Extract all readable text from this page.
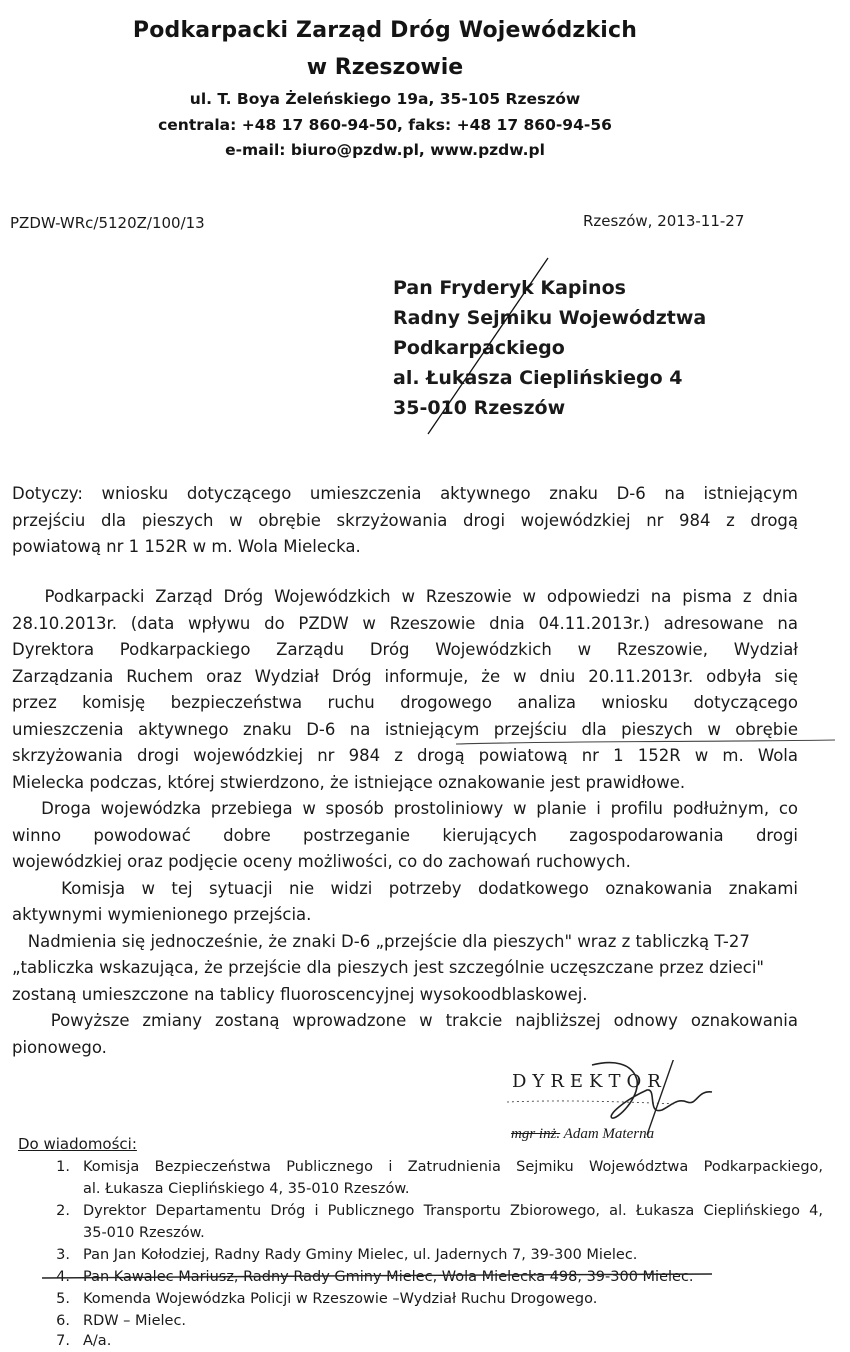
Podkarpacki Zarząd Dróg Wojewódzkich
w Rzeszowie
ul. T. Boya Żeleńskiego 19a, 35-105 Rzeszów
centrala: +48 17 860-94-50, faks: +48 17 860-94-56
e-mail: biuro@pzdw.pl, www.pzdw.pl
PZDW-WRc/5120Z/100/13	Rzeszów, 2013-11-27
Pan Fryderyk Kapinos
Radny Sejmiku Województwa
Podkarpackiego
al. Łukasza Cieplińskiego 4
35-010 Rzeszów
Dotyczy: wniosku dotyczącego umieszczenia aktywnego znaku D-6 na istniejącym
przejściu dla pieszych w obrębie skrzyżowania drogi wojewódzkiej nr 984 z drogą
powiatową nr 1 152R w m. Wola Mielecka.
Podkarpacki Zarząd Dróg Wojewódzkich w Rzeszowie w odpowiedzi na pisma z dnia
28.10.2013r. (data wpływu do PZDW w Rzeszowie dnia 04.11.2013r.) adresowane na
Dyrektora Podkarpackiego Zarządu Dróg Wojewódzkich w Rzeszowie, Wydział
Zarządzania Ruchem oraz Wydział Dróg informuje, że w dniu 20.11.2013r. odbyła się
przez komisję bezpieczeństwa ruchu drogowego analiza wniosku dotyczącego
umieszczenia aktywnego znaku D-6 na istniejącym przejściu dla pieszych w obrębie
skrzyżowania drogi wojewódzkiej nr 984 z drogą powiatową nr 1 152R w m. Wola
Mielecka podczas, której stwierdzono, że istniejące oznakowanie jest prawidłowe.
Droga wojewódzka przebiega w sposób prostoliniowy w planie i profilu podłużnym, co
winno powodować dobre postrzeganie kierujących zagospodarowania drogi
wojewódzkiej oraz podjęcie oceny możliwości, co do zachowań ruchowych.
Komisja w tej sytuacji nie widzi potrzeby dodatkowego oznakowania znakami
aktywnymi wymienionego przejścia.
Nadmienia się jednocześnie, że znaki D-6 „przejście dla pieszych" wraz z tabliczką T-27
„tabliczka wskazująca, że przejście dla pieszych jest szczególnie uczęszczane przez dzieci"
zostaną umieszczone na tablicy fluoroscencyjnej wysokoodblaskowej.
Powyższe zmiany zostaną wprowadzone w trakcie najbliższej odnowy oznakowania
pionowego.
DYREKTOR
mgr inż. Adam Materna
Do wiadomości:
1. Komisja Bezpieczeństwa Publicznego i Zatrudnienia Sejmiku Województwa Podkarpackiego,
al. Łukasza Cieplińskiego 4, 35-010 Rzeszów.
2. Dyrektor Departamentu Dróg i Publicznego Transportu Zbiorowego, al. Łukasza Cieplińskiego 4,
35-010 Rzeszów.
3. Pan Jan Kołodziej, Radny Rady Gminy Mielec, ul. Jadernych 7, 39-300 Mielec.
4. Pan Kawalec Mariusz, Radny Rady Gminy Mielec, Wola Mielecka 498, 39-300 Mielec.
5. Komenda Wojewódzka Policji w Rzeszowie –Wydział Ruchu Drogowego.
6. RDW – Mielec.
7. A/a.
